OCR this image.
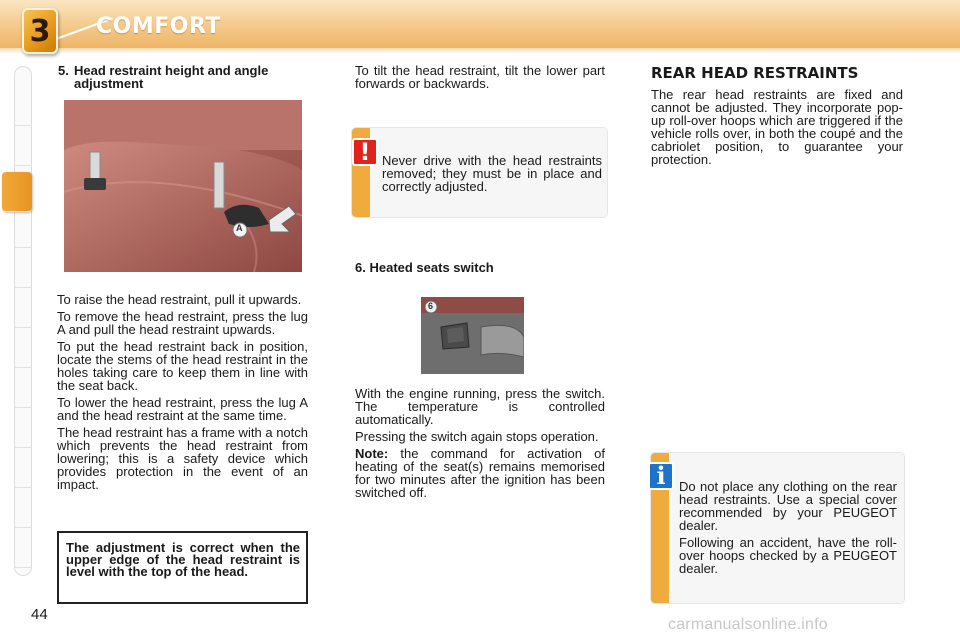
3 COMFORT
5. Head restraint height and angle adjustment
A

To raise the head restraint, pull it upwards.

To remove the head restraint, press the lug A and pull the head restraint upwards.

To put the head restraint back in position, locate the stems of the head restraint in the holes taking care to keep them in line with the seat back.

To lower the head restraint, press the lug A and the head restraint at the same time.

The head restraint has a frame with a notch which prevents the head restraint from lowering; this is a safety device which provides protection in the event of an impact.

The adjustment is correct when the upper edge of the head restraint is level with the top of the head.

To tilt the head restraint, tilt the lower part forwards or backwards.

Never drive with the head restraints removed; they must be in place and correctly adjusted.
!
6. Heated seats switch
6

With the engine running, press the switch. The temperature is controlled automatically.

Pressing the switch again stops operation.

Note: the command for activation of heating of the seat(s) remains memorised for two minutes after the ignition has been switched off.

REAR HEAD RESTRAINTS

The rear head restraints are fixed and cannot be adjusted. They incorporate pop-up roll-over hoops which are triggered if the vehicle rolls over, in both the coupé and the cabriolet position, to guarantee your protection.

Do not place any clothing on the rear head restraints. Use a special cover recommended by your PEUGEOT dealer.

Following an accident, have the roll-over hoops checked by a PEUGEOT dealer.

i
44
carmanualsonline.info
